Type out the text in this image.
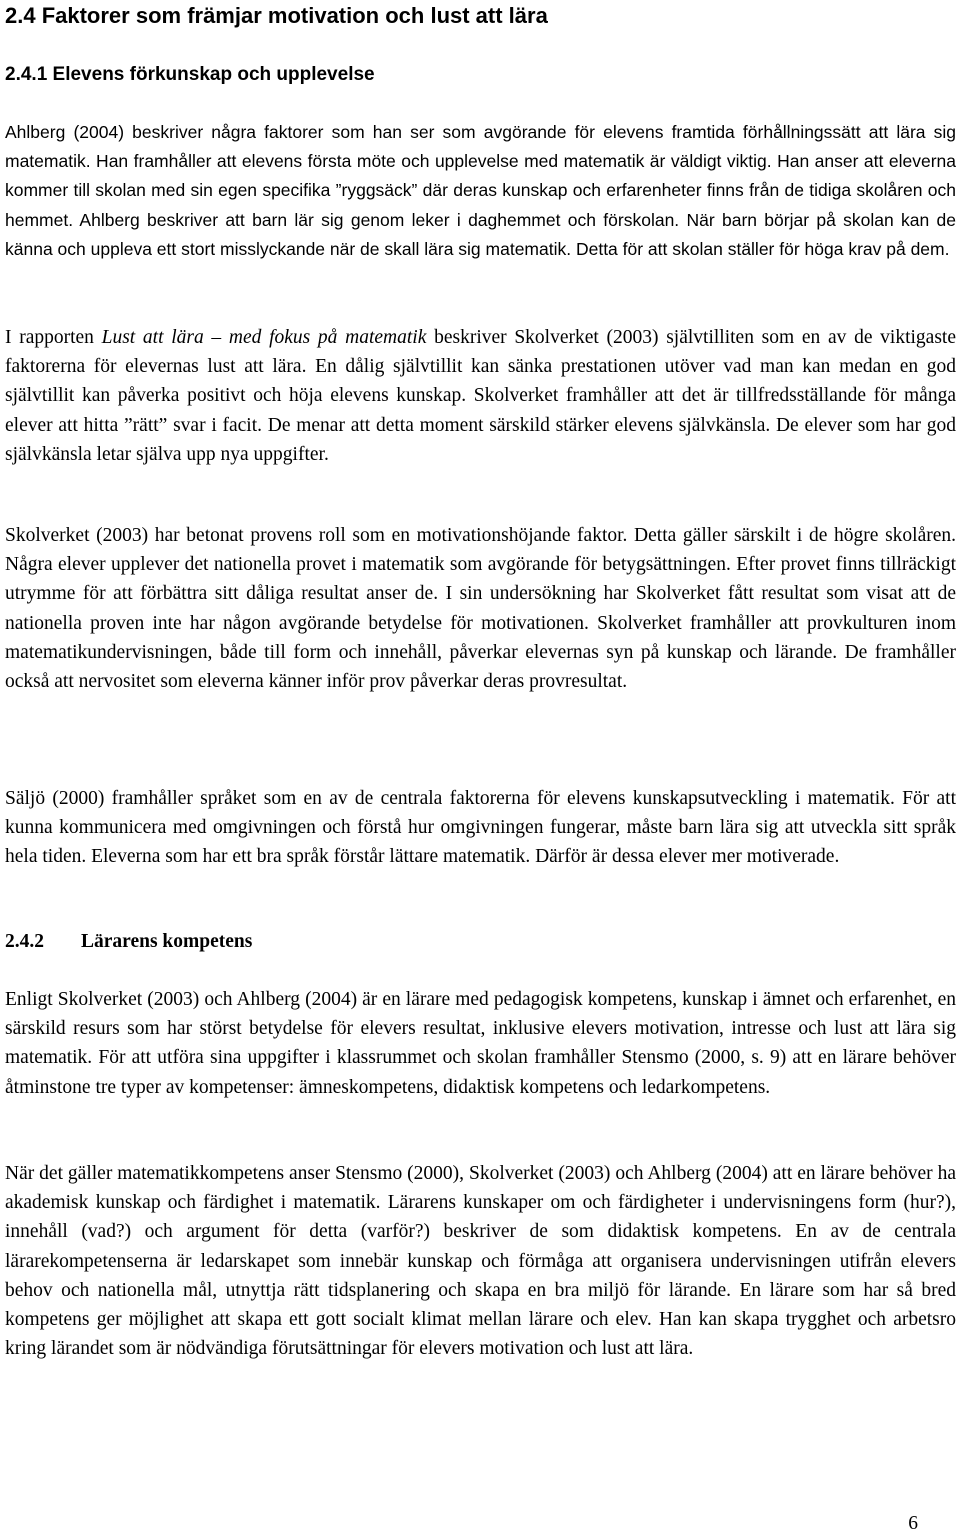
2.4 Faktorer som främjar motivation och lust att lära
2.4.1 Elevens förkunskap och upplevelse

Ahlberg (2004) beskriver några faktorer som han ser som avgörande för elevens framtida förhållningssätt att lära sig matematik. Han framhåller att elevens första möte och upplevelse med matematik är väldigt viktig. Han anser att eleverna kommer till skolan med sin egen specifika ”ryggsäck” där deras kunskap och erfarenheter finns från de tidiga skolåren och hemmet. Ahlberg beskriver att barn lär sig genom leker i daghemmet och förskolan. När barn börjar på skolan kan de känna och uppleva ett stort misslyckande när de skall lära sig matematik. Detta för att skolan ställer för höga krav på dem.

I rapporten Lust att lära – med fokus på matematik beskriver Skolverket (2003) självtilliten som en av de viktigaste faktorerna för elevernas lust att lära. En dålig självtillit kan sänka prestationen utöver vad man kan medan en god självtillit kan påverka positivt och höja elevens kunskap. Skolverket framhåller att det är tillfredsställande för många elever att hitta ”rätt” svar i facit. De menar att detta moment särskild stärker elevens självkänsla. De elever som har god självkänsla letar själva upp nya uppgifter.

Skolverket (2003) har betonat provens roll som en motivationshöjande faktor. Detta gäller särskilt i de högre skolåren. Några elever upplever det nationella provet i matematik som avgörande för betygsättningen. Efter provet finns tillräckigt utrymme för att förbättra sitt dåliga resultat anser de. I sin undersökning har Skolverket fått resultat som visat att de nationella proven inte har någon avgörande betydelse för motivationen. Skolverket framhåller att provkulturen inom matematikundervisningen, både till form och innehåll, påverkar elevernas syn på kunskap och lärande. De framhåller också att nervositet som eleverna känner inför prov påverkar deras provresultat.

Säljö (2000) framhåller språket som en av de centrala faktorerna för elevens kunskapsutveckling i matematik. För att kunna kommunicera med omgivningen och förstå hur omgivningen fungerar, måste barn lära sig att utveckla sitt språk hela tiden. Eleverna som har ett bra språk förstår lättare matematik. Därför är dessa elever mer motiverade.

2.4.2 Lärarens kompetens

Enligt Skolverket (2003) och Ahlberg (2004) är en lärare med pedagogisk kompetens, kunskap i ämnet och erfarenhet, en särskild resurs som har störst betydelse för elevers resultat, inklusive elevers motivation, intresse och lust att lära sig matematik. För att utföra sina uppgifter i klassrummet och skolan framhåller Stensmo (2000, s. 9) att en lärare behöver åtminstone tre typer av kompetenser: ämneskompetens, didaktisk kompetens och ledarkompetens.

När det gäller matematikkompetens anser Stensmo (2000), Skolverket (2003) och Ahlberg (2004) att en lärare behöver ha akademisk kunskap och färdighet i matematik. Lärarens kunskaper om och färdigheter i undervisningens form (hur?), innehåll (vad?) och argument för detta (varför?) beskriver de som didaktisk kompetens. En av de centrala lärarekompetenserna är ledarskapet som innebär kunskap och förmåga att organisera undervisningen utifrån elevers behov och nationella mål, utnyttja rätt tidsplanering och skapa en bra miljö för lärande. En lärare som har så bred kompetens ger möjlighet att skapa ett gott socialt klimat mellan lärare och elev. Han kan skapa trygghet och arbetsro kring lärandet som är nödvändiga förutsättningar för elevers motivation och lust att lära.

6
